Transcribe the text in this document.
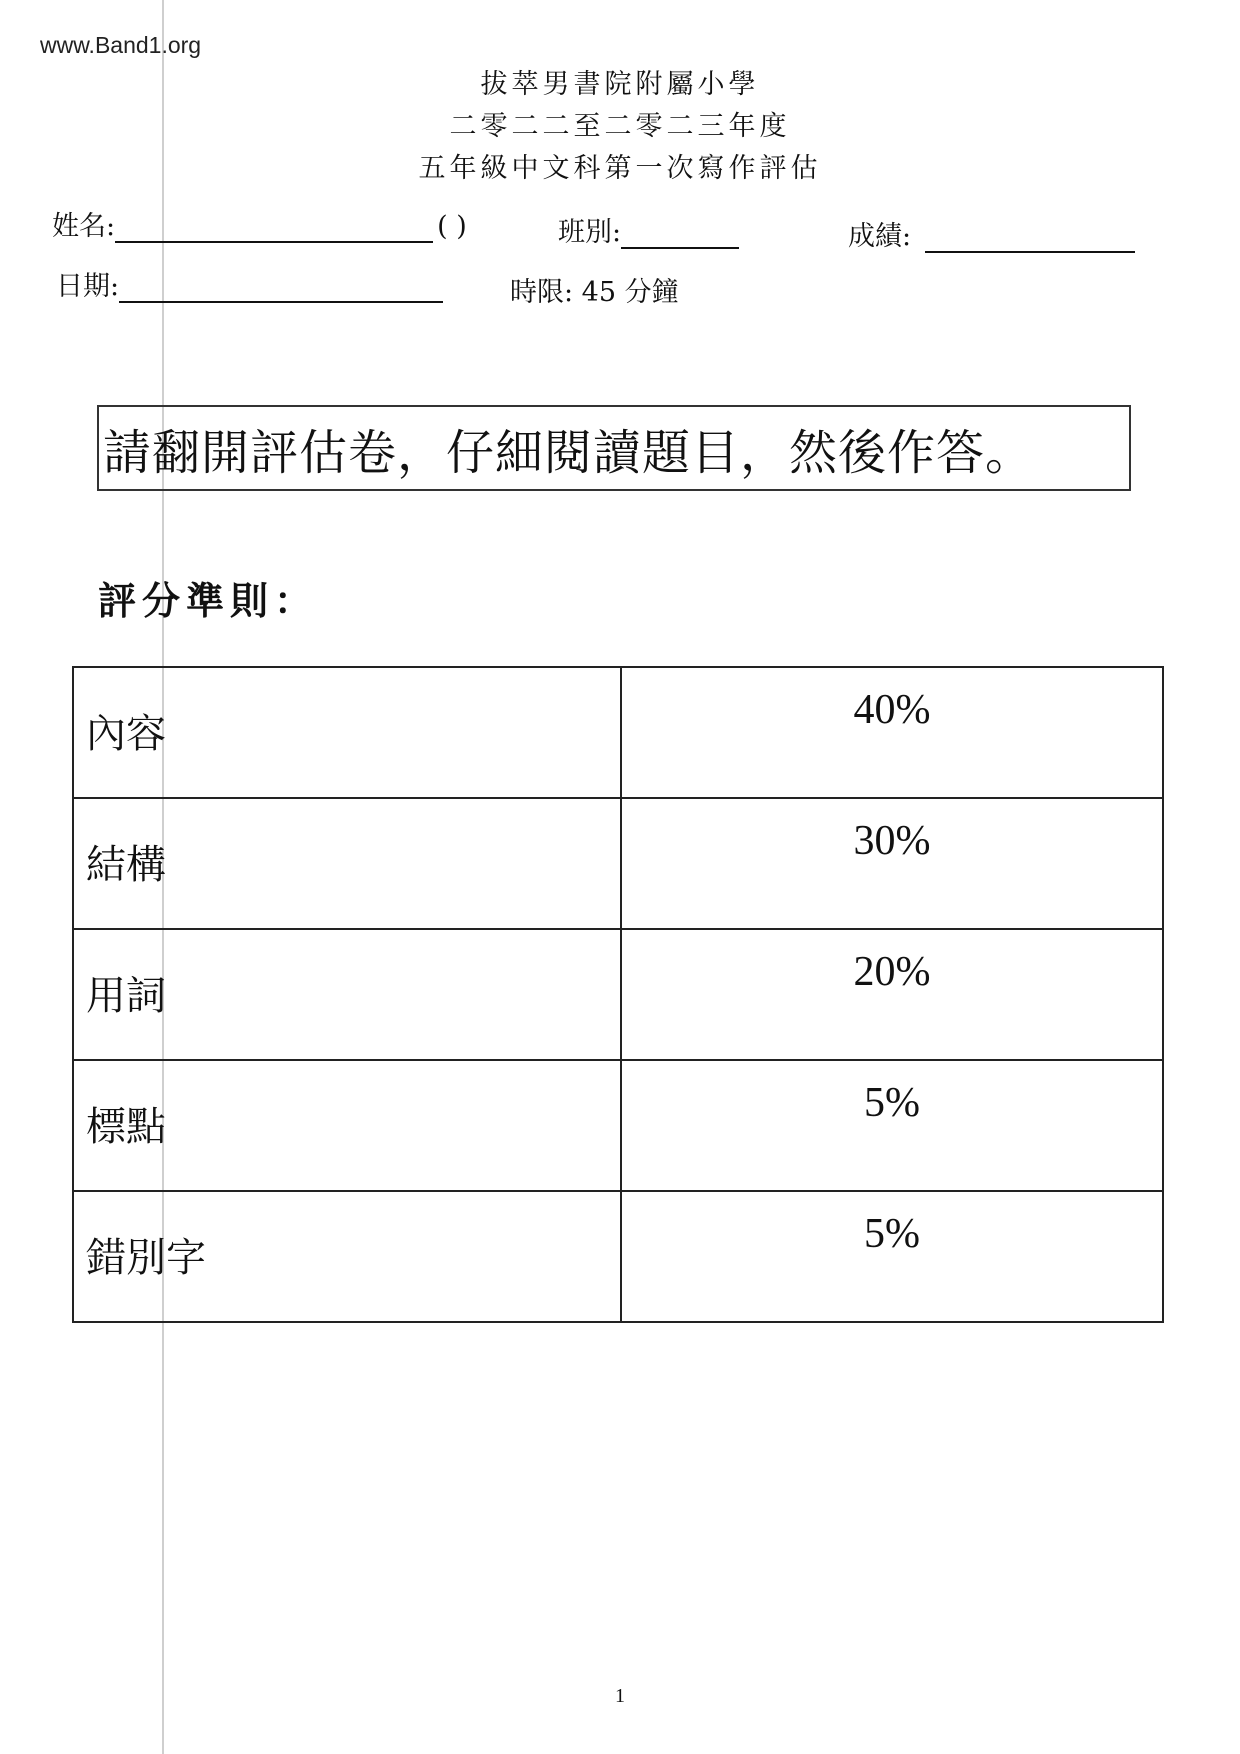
www.Band1.org
拔萃男書院附屬小學
二零二二至二零二三年度
五年級中文科第一次寫作評估
姓名:	( )	班別:	成績:
日期:	時限: 45 分鐘
請翻開評估卷，仔細閱讀題目，然後作答。
評分準則：
內容	40%
結構	30%
用詞	20%
標點	5%
錯別字	5%
1
